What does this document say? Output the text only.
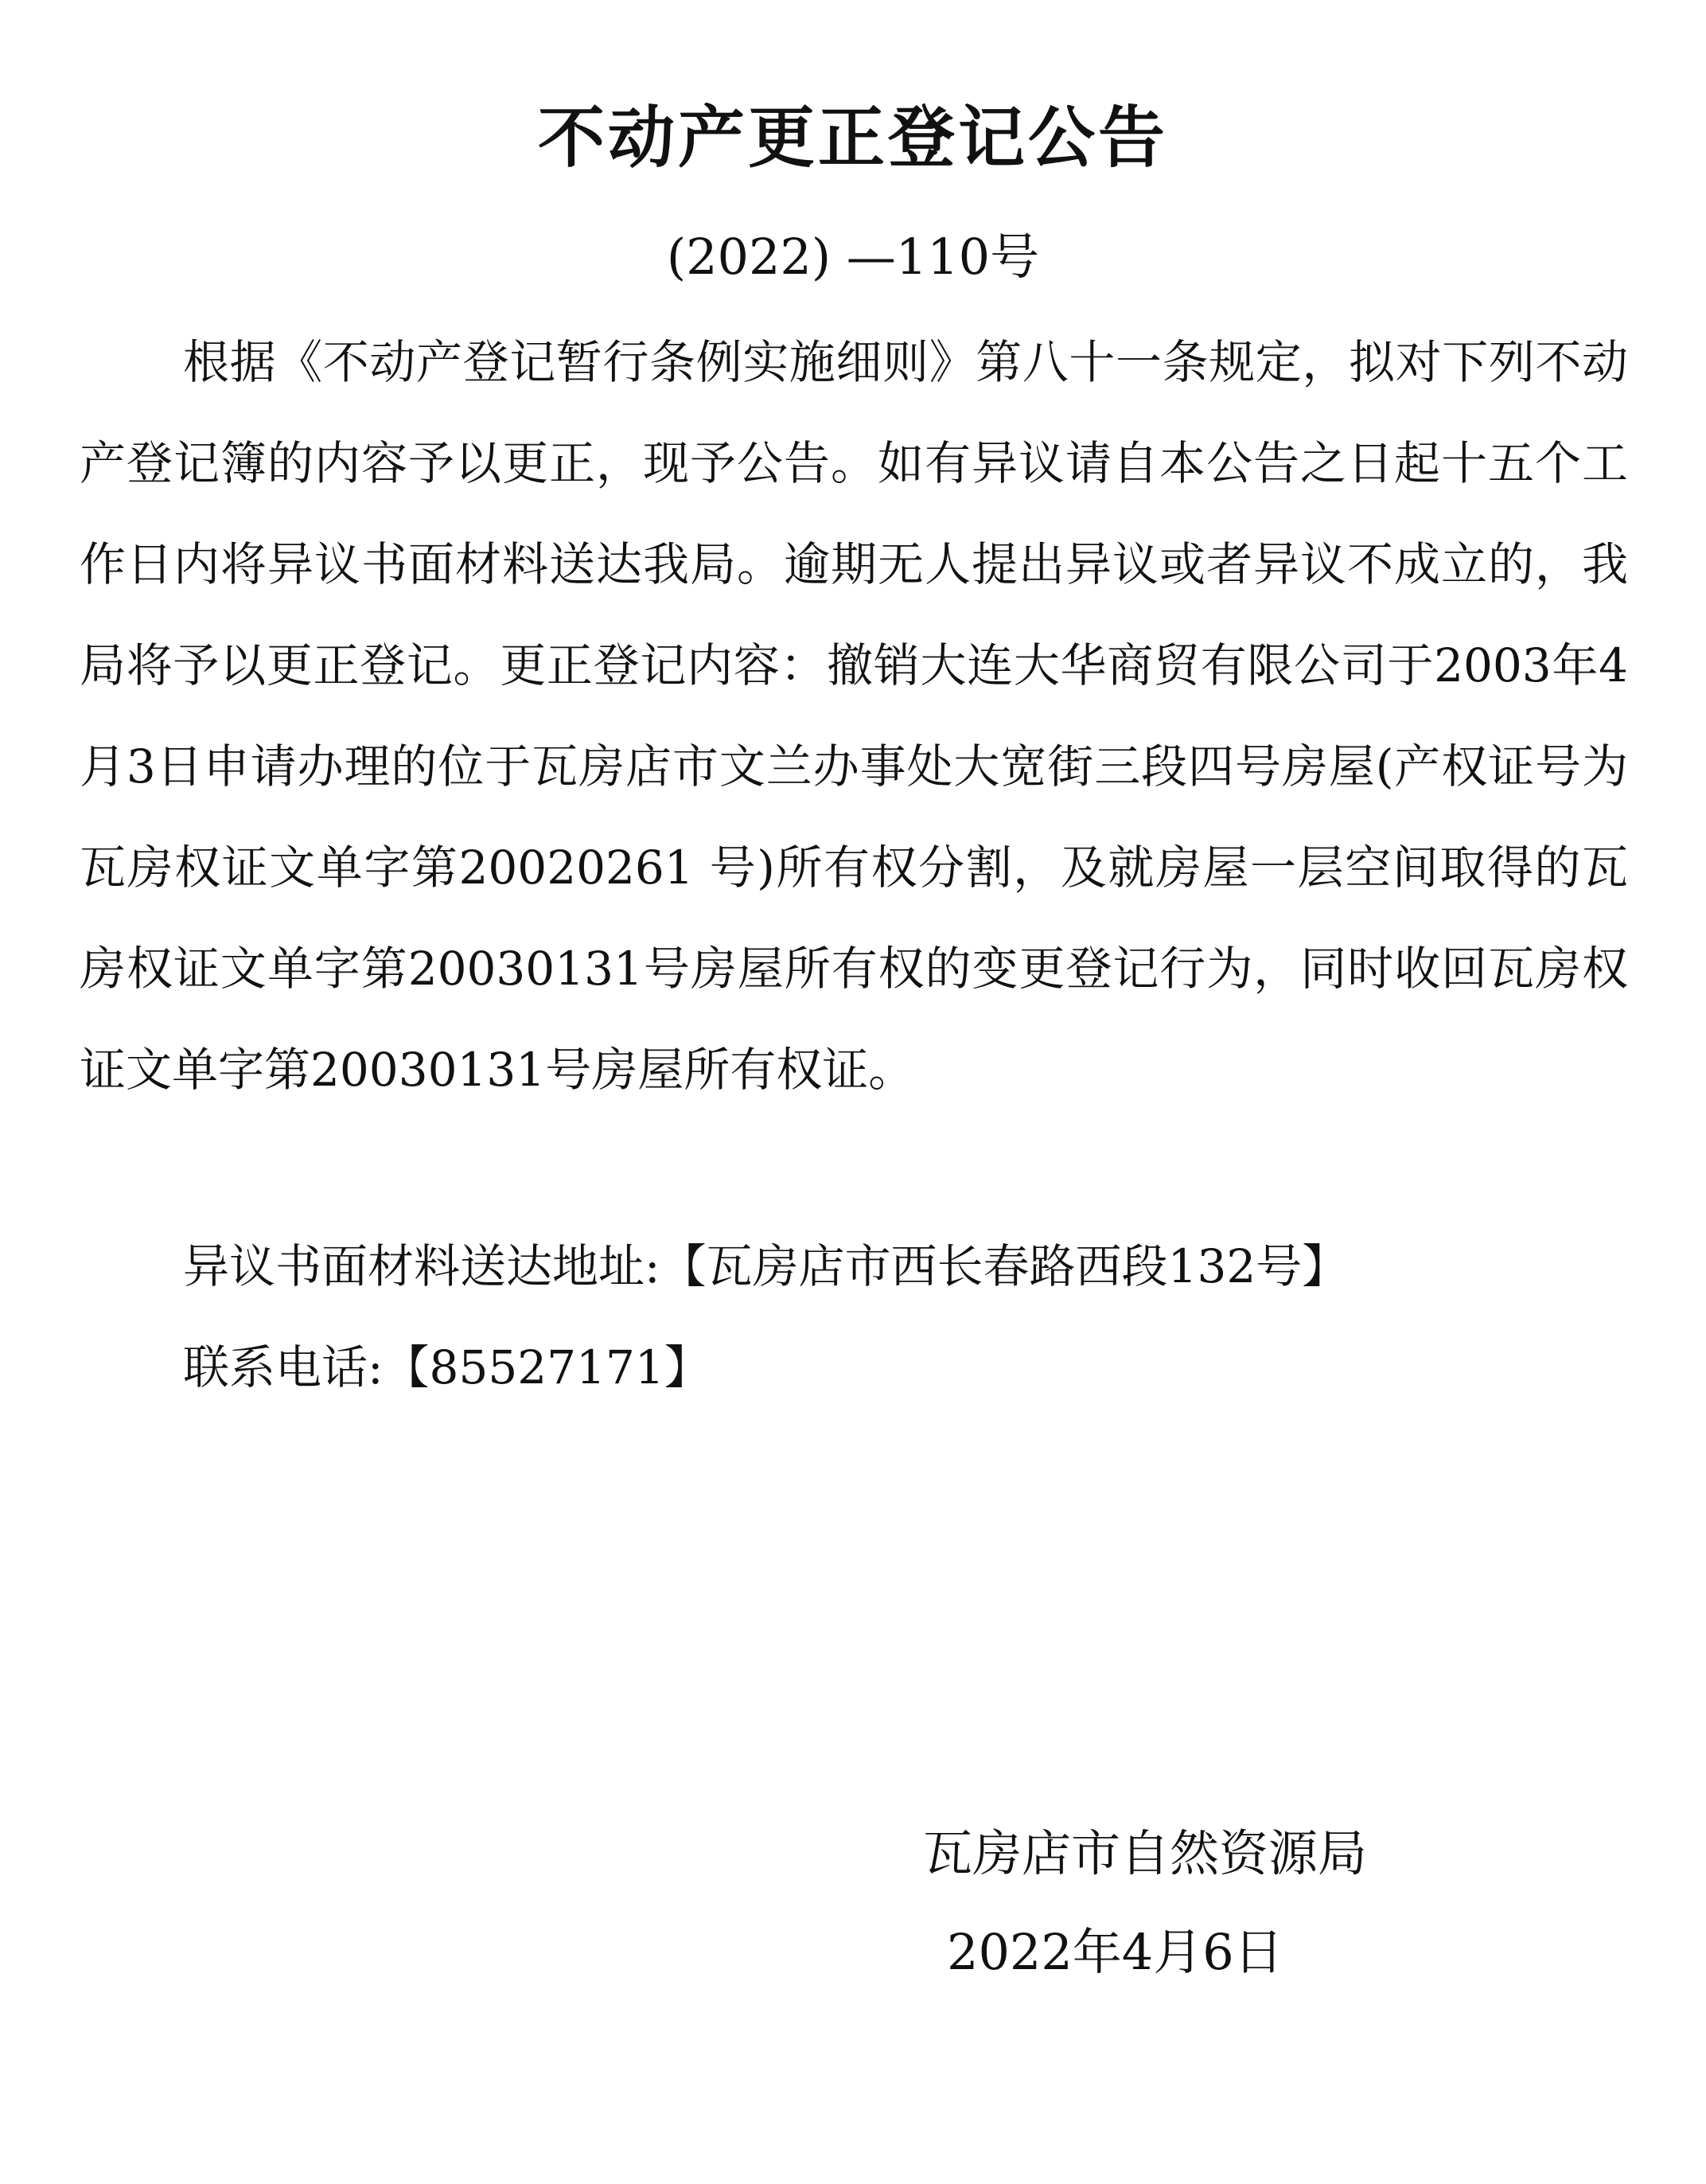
不动产更正登记公告
(2022) —110号
根据《不动产登记暂行条例实施细则》第八十一条规定，拟对下列不动产登记簿的内容予以更正，现予公告。如有异议请自本公告之日起十五个工作日内将异议书面材料送达我局。逾期无人提出异议或者异议不成立的，我局将予以更正登记。更正登记内容：撤销大连大华商贸有限公司于2003年4月3日申请办理的位于瓦房店市文兰办事处大宽街三段四号房屋(产权证号为瓦房权证文单字第20020261 号)所有权分割，及就房屋一层空间取得的瓦房权证文单字第20030131号房屋所有权的变更登记行为，同时收回瓦房权证文单字第20030131号房屋所有权证。
异议书面材料送达地址:【瓦房店市西长春路西段132号】
联系电话:【85527171】
瓦房店市自然资源局
2022年4月6日
